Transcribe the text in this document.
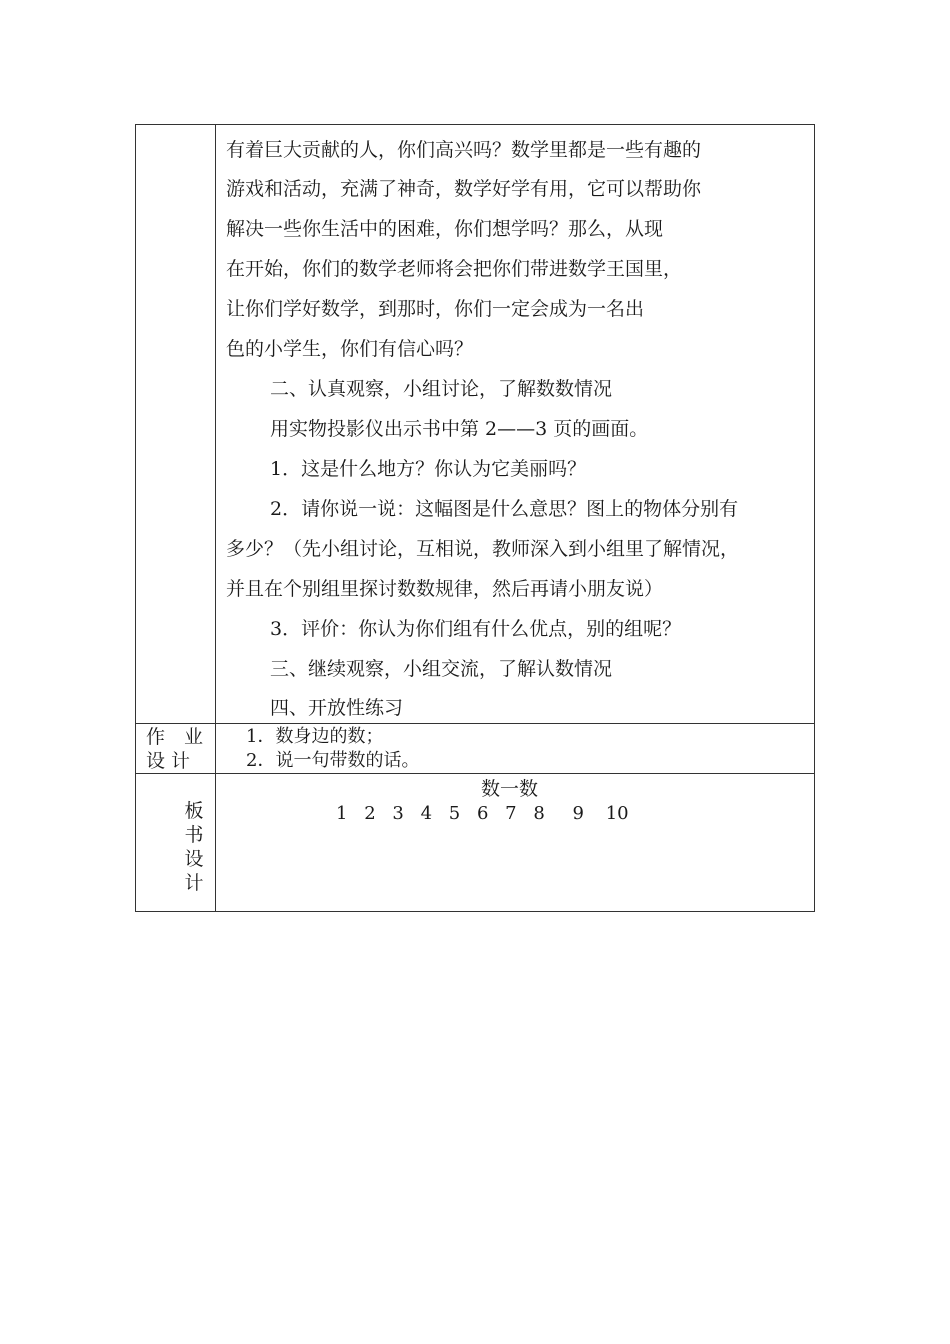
有着巨大贡献的人，你们高兴吗？数学里都是一些有趣的
游戏和活动，充满了神奇，数学好学有用，它可以帮助你
解决一些你生活中的困难，你们想学吗？那么，从现
在开始，你们的数学老师将会把你们带进数学王国里，
让你们学好数学，到那时，你们一定会成为一名出
色的小学生，你们有信心吗？
二、认真观察，小组讨论，了解数数情况
用实物投影仪出示书中第 2——3 页的画面。
1．这是什么地方？你认为它美丽吗？
2．请你说一说：这幅图是什么意思？图上的物体分别有
多少？（先小组讨论，互相说，教师深入到小组里了解情况，
并且在个别组里探讨数数规律，然后再请小朋友说）
3．评价：你认为你们组有什么优点，别的组呢？
三、继续观察，小组交流，了解认数情况
四、开放性练习
作　业
设 计
1．数身边的数；
2．说一句带数的话。
板
书
设
计
数一数
1 2 3 4 5 6 7 8 9 10
